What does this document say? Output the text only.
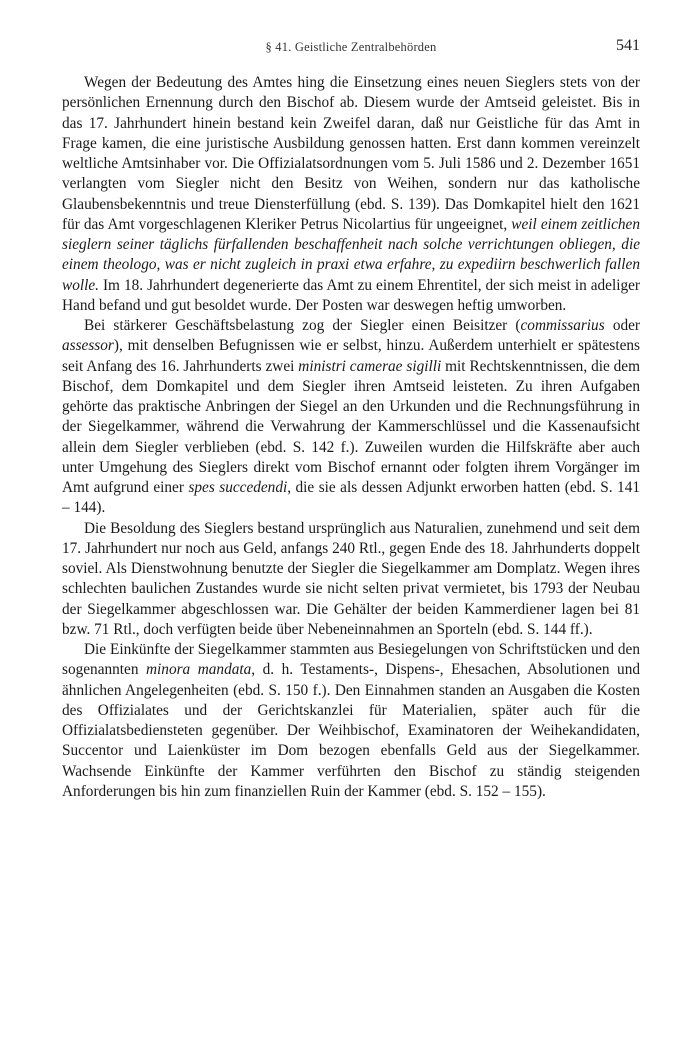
§ 41. Geistliche Zentralbehörden	541

Wegen der Bedeutung des Amtes hing die Einsetzung eines neuen Sieglers stets von der persönlichen Ernennung durch den Bischof ab. Diesem wurde der Amtseid geleistet. Bis in das 17. Jahrhundert hinein bestand kein Zweifel daran, daß nur Geistliche für das Amt in Frage kamen, die eine juristische Ausbildung genossen hatten. Erst dann kommen vereinzelt weltliche Amtsinhaber vor. Die Offizialatsordnungen vom 5. Juli 1586 und 2. Dezember 1651 verlangten vom Siegler nicht den Besitz von Weihen, sondern nur das katholische Glaubensbekenntnis und treue Diensterfüllung (ebd. S. 139). Das Domkapitel hielt den 1621 für das Amt vorgeschlagenen Kleriker Petrus Nicolartius für ungeeignet, weil einem zeitlichen sieglern seiner täglichs fürfallenden beschaffenheit nach solche verrichtungen obliegen, die einem theologo, was er nicht zugleich in praxi etwa erfahre, zu expediirn beschwerlich fallen wolle. Im 18. Jahrhundert degenerierte das Amt zu einem Ehrentitel, der sich meist in adeliger Hand befand und gut besoldet wurde. Der Posten war deswegen heftig umworben.

Bei stärkerer Geschäftsbelastung zog der Siegler einen Beisitzer (commissarius oder assessor), mit denselben Befugnissen wie er selbst, hinzu. Außerdem unterhielt er spätestens seit Anfang des 16. Jahrhunderts zwei ministri camerae sigilli mit Rechtskenntnissen, die dem Bischof, dem Domkapitel und dem Siegler ihren Amtseid leisteten. Zu ihren Aufgaben gehörte das praktische Anbringen der Siegel an den Urkunden und die Rechnungsführung in der Siegelkammer, während die Verwahrung der Kammerschlüssel und die Kassenaufsicht allein dem Siegler verblieben (ebd. S. 142 f.). Zuweilen wurden die Hilfskräfte aber auch unter Umgehung des Sieglers direkt vom Bischof ernannt oder folgten ihrem Vorgänger im Amt aufgrund einer spes succedendi, die sie als dessen Adjunkt erworben hatten (ebd. S. 141 – 144).

Die Besoldung des Sieglers bestand ursprünglich aus Naturalien, zunehmend und seit dem 17. Jahrhundert nur noch aus Geld, anfangs 240 Rtl., gegen Ende des 18. Jahrhunderts doppelt soviel. Als Dienstwohnung benutzte der Siegler die Siegelkammer am Domplatz. Wegen ihres schlechten baulichen Zustandes wurde sie nicht selten privat vermietet, bis 1793 der Neubau der Siegelkammer abgeschlossen war. Die Gehälter der beiden Kammerdiener lagen bei 81 bzw. 71 Rtl., doch verfügten beide über Nebeneinnahmen an Sporteln (ebd. S. 144 ff.).

Die Einkünfte der Siegelkammer stammten aus Besiegelungen von Schriftstücken und den sogenannten minora mandata, d. h. Testaments-, Dispens-, Ehesachen, Absolutionen und ähnlichen Angelegenheiten (ebd. S. 150 f.). Den Einnahmen standen an Ausgaben die Kosten des Offizialates und der Gerichtskanzlei für Materialien, später auch für die Offizialatsbediensteten gegenüber. Der Weihbischof, Examinatoren der Weihekandidaten, Succentor und Laienküster im Dom bezogen ebenfalls Geld aus der Siegelkammer. Wachsende Einkünfte der Kammer verführten den Bischof zu ständig steigenden Anforderungen bis hin zum finanziellen Ruin der Kammer (ebd. S. 152 – 155).
